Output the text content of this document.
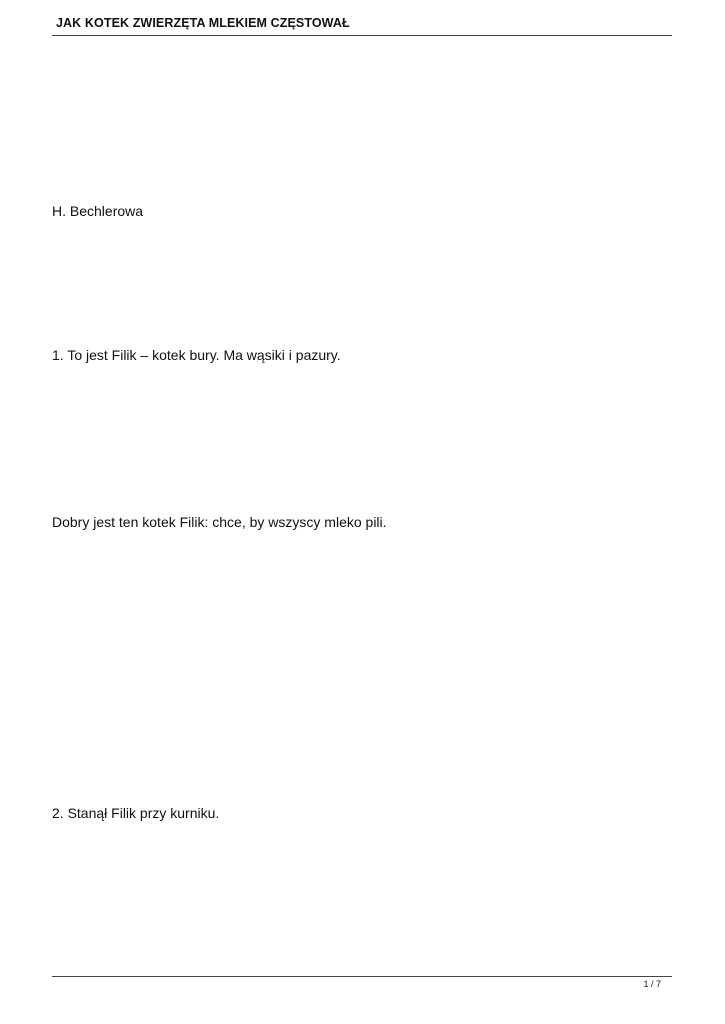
JAK KOTEK ZWIERZĘTA MLEKIEM CZĘSTOWAŁ
H. Bechlerowa
1. To jest Filik – kotek bury. Ma wąsiki i pazury.
Dobry jest ten kotek Filik: chce, by wszyscy mleko pili.
2. Stanął Filik przy kurniku.
1 / 7
